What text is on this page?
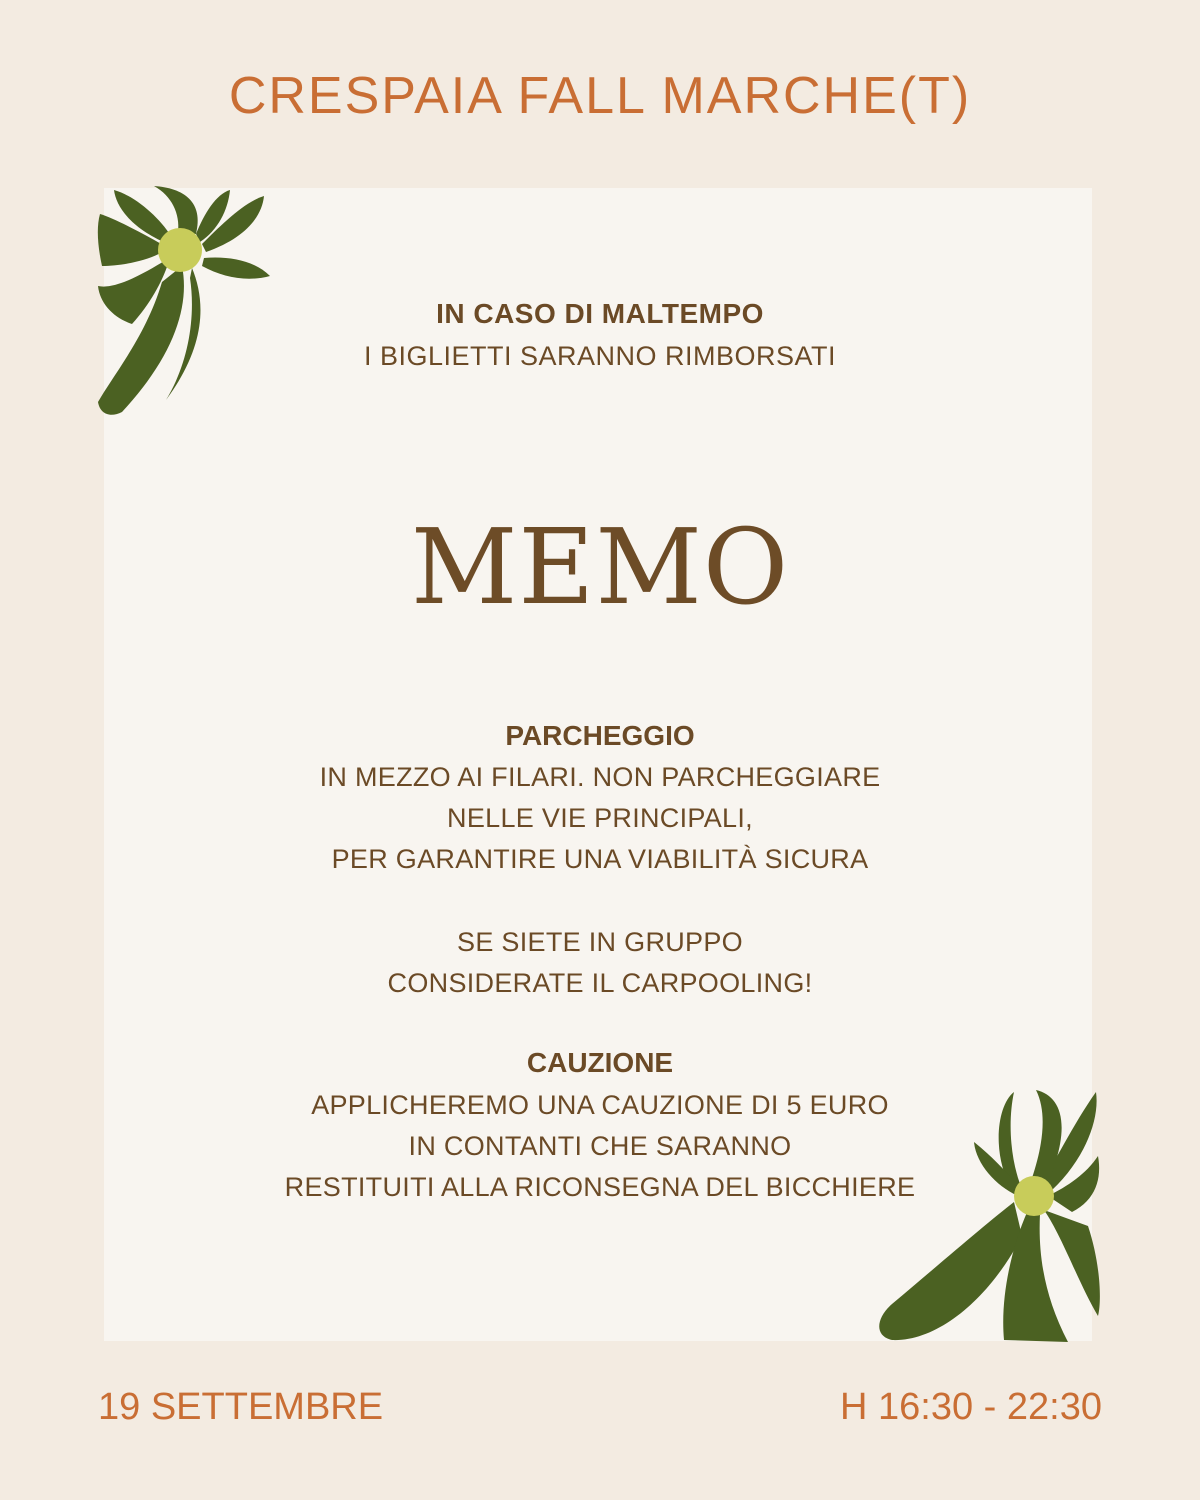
CRESPAIA FALL MARCHE(T)
IN CASO DI MALTEMPO
I BIGLIETTI SARANNO RIMBORSATI
MEMO
PARCHEGGIO
IN MEZZO AI FILARI. NON PARCHEGGIARE
NELLE VIE PRINCIPALI,
PER GARANTIRE UNA VIABILITÀ SICURA
SE SIETE IN GRUPPO
CONSIDERATE IL CARPOOLING!
CAUZIONE
APPLICHEREMO UNA CAUZIONE DI 5 EURO
IN CONTANTI CHE SARANNO
RESTITUITI ALLA RICONSEGNA DEL BICCHIERE
19 SETTEMBRE	H 16:30 - 22:30
